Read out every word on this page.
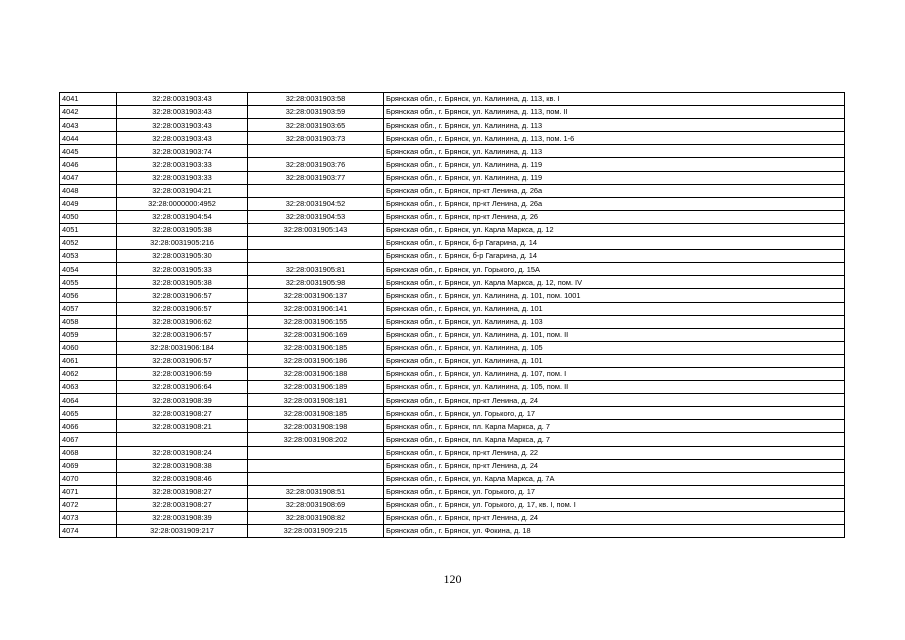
4041	32:28:0031903:43	32:28:0031903:58	Брянская обл., г. Брянск, ул. Калинина, д. 113, кв. I
4042	32:28:0031903:43	32:28:0031903:59	Брянская обл., г. Брянск, ул. Калинина, д. 113, пом. II
4043	32:28:0031903:43	32:28:0031903:65	Брянская обл., г. Брянск, ул. Калинина, д. 113
4044	32:28:0031903:43	32:28:0031903:73	Брянская обл., г. Брянск, ул. Калинина, д. 113, пом. 1-6
4045	32:28:0031903:74		Брянская обл., г. Брянск, ул. Калинина, д. 113
4046	32:28:0031903:33	32:28:0031903:76	Брянская обл., г. Брянск, ул. Калинина, д. 119
4047	32:28:0031903:33	32:28:0031903:77	Брянская обл., г. Брянск, ул. Калинина, д. 119
4048	32:28:0031904:21		Брянская обл., г. Брянск, пр-кт Ленина, д. 26а
4049	32:28:0000000:4952	32:28:0031904:52	Брянская обл., г. Брянск, пр-кт Ленина, д. 26а
4050	32:28:0031904:54	32:28:0031904:53	Брянская обл., г. Брянск, пр-кт Ленина, д. 26
4051	32:28:0031905:38	32:28:0031905:143	Брянская обл., г. Брянск, ул. Карла Маркса, д. 12
4052	32:28:0031905:216		Брянская обл., г. Брянск, б-р Гагарина, д. 14
4053	32:28:0031905:30		Брянская обл., г. Брянск, б-р Гагарина, д. 14
4054	32:28:0031905:33	32:28:0031905:81	Брянская обл., г. Брянск, ул. Горького, д. 15А
4055	32:28:0031905:38	32:28:0031905:98	Брянская обл., г. Брянск, ул. Карла Маркса, д. 12, пом. IV
4056	32:28:0031906:57	32:28:0031906:137	Брянская обл., г. Брянск, ул. Калинина, д. 101, пом. 1001
4057	32:28:0031906:57	32:28:0031906:141	Брянская обл., г. Брянск, ул. Калинина, д. 101
4058	32:28:0031906:62	32:28:0031906:155	Брянская обл., г. Брянск, ул. Калинина, д. 103
4059	32:28:0031906:57	32:28:0031906:169	Брянская обл., г. Брянск, ул. Калинина, д. 101, пом. II
4060	32:28:0031906:184	32:28:0031906:185	Брянская обл., г. Брянск, ул. Калинина, д. 105
4061	32:28:0031906:57	32:28:0031906:186	Брянская обл., г. Брянск, ул. Калинина, д. 101
4062	32:28:0031906:59	32:28:0031906:188	Брянская обл., г. Брянск, ул. Калинина, д. 107, пом. I
4063	32:28:0031906:64	32:28:0031906:189	Брянская обл., г. Брянск, ул. Калинина, д. 105, пом. II
4064	32:28:0031908:39	32:28:0031908:181	Брянская обл., г. Брянск, пр-кт Ленина, д. 24
4065	32:28:0031908:27	32:28:0031908:185	Брянская обл., г. Брянск, ул. Горького, д. 17
4066	32:28:0031908:21	32:28:0031908:198	Брянская обл., г. Брянск, пл. Карла Маркса, д. 7
4067		32:28:0031908:202	Брянская обл., г. Брянск, пл. Карла Маркса, д. 7
4068	32:28:0031908:24		Брянская обл., г. Брянск, пр-кт Ленина, д. 22
4069	32:28:0031908:38		Брянская обл., г. Брянск, пр-кт Ленина, д. 24
4070	32:28:0031908:46		Брянская обл., г. Брянск, ул. Карла Маркса, д. 7А
4071	32:28:0031908:27	32:28:0031908:51	Брянская обл., г. Брянск, ул. Горького, д. 17
4072	32:28:0031908:27	32:28:0031908:69	Брянская обл., г. Брянск, ул. Горького, д. 17, кв. I, пом. I
4073	32:28:0031908:39	32:28:0031908:82	Брянская обл., г. Брянск, пр-кт Ленина, д. 24
4074	32:28:0031909:217	32:28:0031909:215	Брянская обл., г. Брянск, ул. Фокина, д. 18
120
